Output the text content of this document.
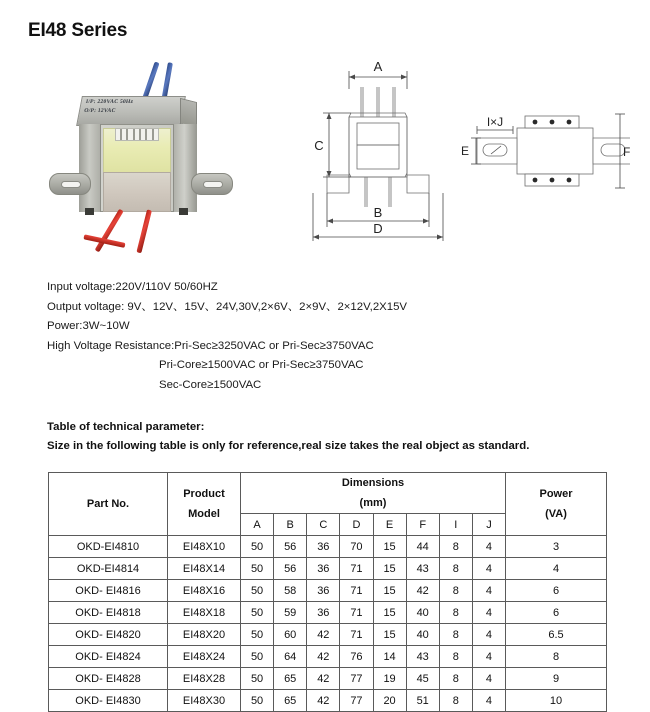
EI48 Series
I/P: 220VAC 50Hz
O/P: 12VAC
A
C
B
D
I×J
E	F
Input voltage:220V/110V 50/60HZ
Output voltage: 9V、12V、15V、24V,30V,2×6V、2×9V、2×12V,2X15V
Power:3W~10W
High Voltage Resistance:Pri-Sec≥3250VAC or Pri-Sec≥3750VAC
Pri-Core≥1500VAC or Pri-Sec≥3750VAC
Sec-Core≥1500VAC
Table of technical parameter:
Size in the following table is only for reference,real size takes the real object as standard.
Part No.	
Product
Model

Dimensions
(mm)

Power
(VA)

		A	B	C	D	E	F	I	J	
OKD-EI4810	EI48X10	50	56	36	70	15	44	8	4	3
OKD-EI4814	EI48X14	50	56	36	71	15	43	8	4	4
OKD- EI4816	EI48X16	50	58	36	71	15	42	8	4	6
OKD- EI4818	EI48X18	50	59	36	71	15	40	8	4	6
OKD- EI4820	EI48X20	50	60	42	71	15	40	8	4	6.5
OKD- EI4824	EI48X24	50	64	42	76	14	43	8	4	8
OKD- EI4828	EI48X28	50	65	42	77	19	45	8	4	9
OKD- EI4830	EI48X30	50	65	42	77	20	51	8	4	10
